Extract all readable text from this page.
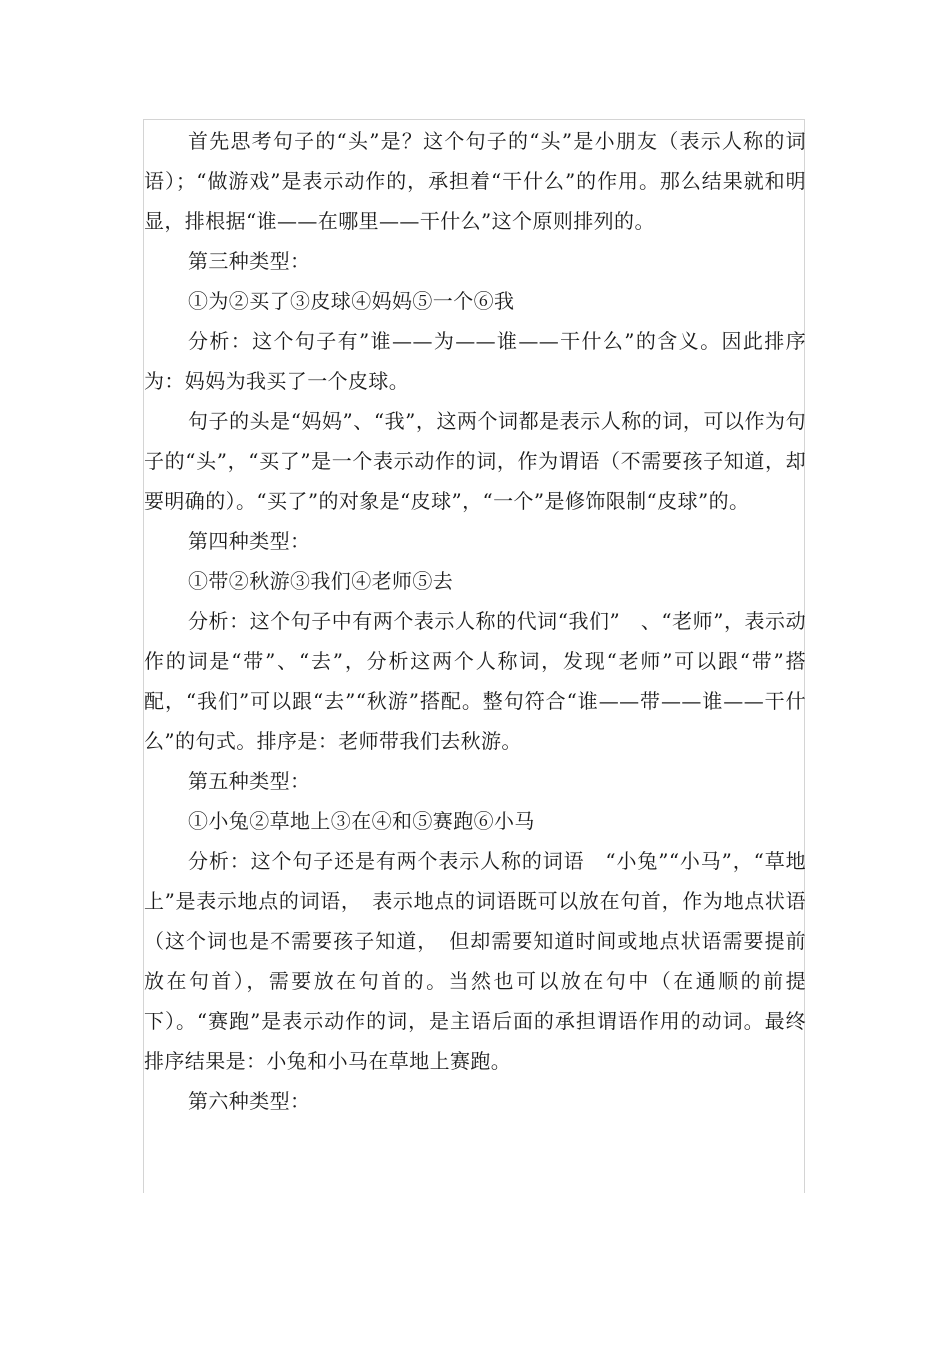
首先思考句子的“头”是？这个句子的“头”是小朋友（表示人称的词语）；“做游戏”是表示动作的，承担着“干什么”的作用。那么结果就和明显，排根据“谁——在哪里——干什么”这个原则排列的。

第三种类型：

①为②买了③皮球④妈妈⑤一个⑥我

分析：这个句子有”谁——为——谁——干什么”的含义。因此排序为：妈妈为我买了一个皮球。

句子的头是“妈妈”、“我”，这两个词都是表示人称的词，可以作为句子的“头”，“买了”是一个表示动作的词，作为谓语（不需要孩子知道，却要明确的）。“买了”的对象是“皮球”，“一个”是修饰限制“皮球”的。

第四种类型：

①带②秋游③我们④老师⑤去

分析：这个句子中有两个表示人称的代词“我们”　、“老师”，表示动作的词是“带”、“去”，分析这两个人称词，发现“老师”可以跟“带”搭配，“我们”可以跟“去”“秋游”搭配。整句符合“谁——带——谁——干什么”的句式。排序是：老师带我们去秋游。

第五种类型：

①小兔②草地上③在④和⑤赛跑⑥小马

分析：这个句子还是有两个表示人称的词语　“小兔”“小马”，“草地上”是表示地点的词语，　表示地点的词语既可以放在句首，作为地点状语（这个词也是不需要孩子知道，　但却需要知道时间或地点状语需要提前放在句首），需要放在句首的。当然也可以放在句中（在通顺的前提下）。“赛跑”是表示动作的词，是主语后面的承担谓语作用的动词。最终排序结果是：小兔和小马在草地上赛跑。

第六种类型：
